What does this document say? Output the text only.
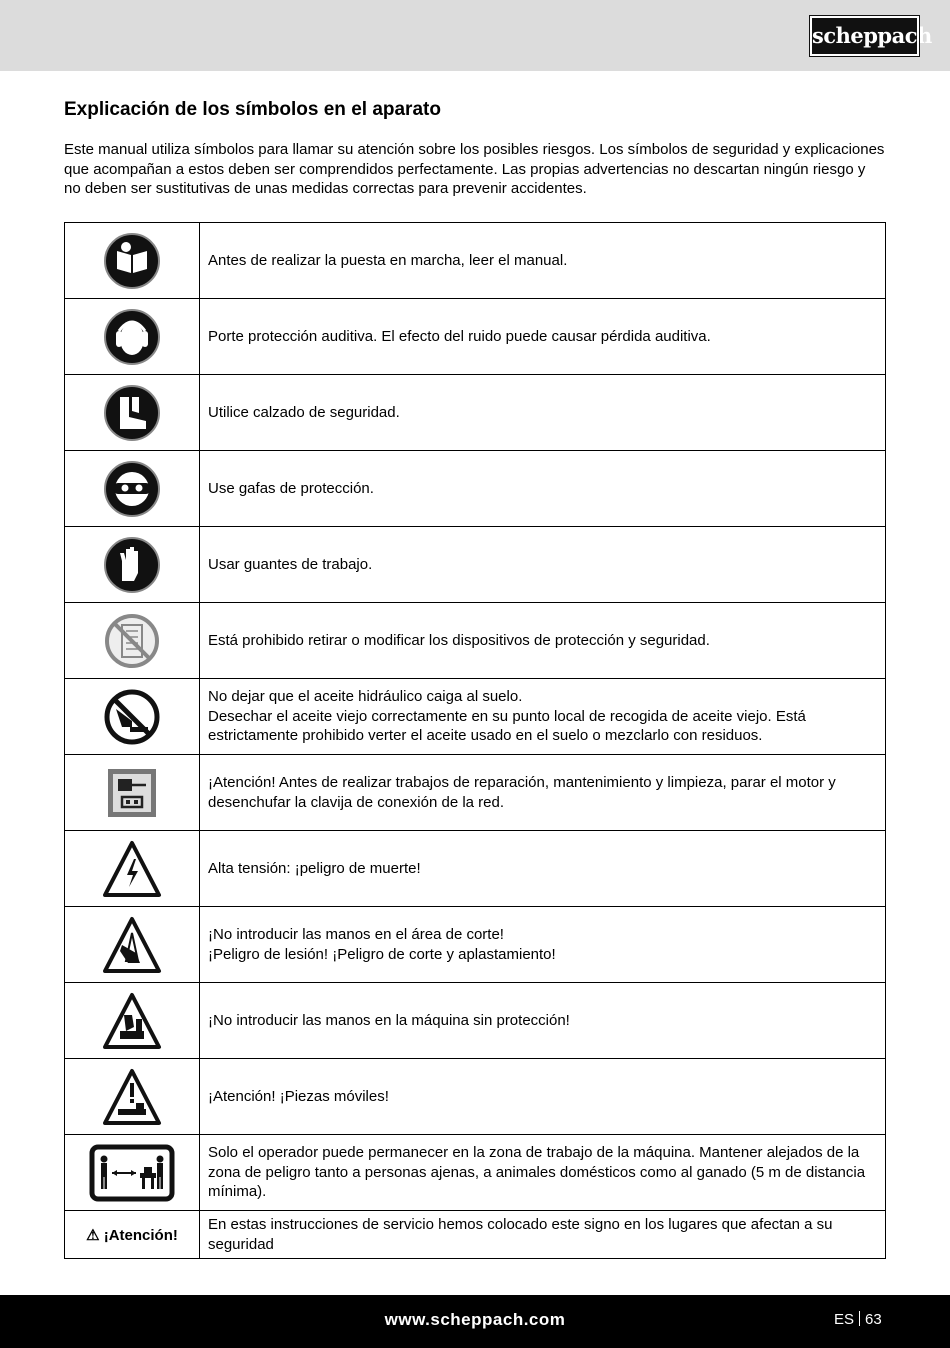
scheppach
Explicación de los símbolos en el aparato

Este manual utiliza símbolos para llamar su atención sobre los posibles riesgos. Los símbolos de seguridad y explicaciones que acompañan a estos deben ser comprendidos perfectamente. Las propias advertencias no descartan ningún riesgo y no deben ser sustitutivas de unas medidas correctas para prevenir accidentes.

Antes de realizar la puesta en marcha, leer el manual.

Porte protección auditiva. El efecto del ruido puede causar pérdida auditiva.

Utilice calzado de seguridad.

Use gafas de protección.

Usar guantes de trabajo.

Está prohibido retirar o modificar los dispositivos de protección y seguridad.

No dejar que el aceite hidráulico caiga al suelo.
Desechar el aceite viejo correctamente en su punto local de recogida de aceite viejo. Está estrictamente prohibido verter el aceite usado en el suelo o mezclarlo con residuos.

¡Atención! Antes de realizar trabajos de reparación, mantenimiento y limpieza, parar el motor y desenchufar la clavija de conexión de la red.

Alta tensión: ¡peligro de muerte!

¡No introducir las manos en el área de corte!
¡Peligro de lesión! ¡Peligro de corte y aplastamiento!

¡No introducir las manos en la máquina sin protección!

¡Atención! ¡Piezas móviles!

Solo el operador puede permanecer en la zona de trabajo de la máquina. Mantener alejados de la zona de peligro tanto a personas ajenas, a animales domésticos como al ganado (5 m de distancia mínima).

⚠ ¡Atención!	En estas instrucciones de servicio hemos colocado este signo en los lugares que afectan a su seguridad
www.scheppach.com	ES 63
